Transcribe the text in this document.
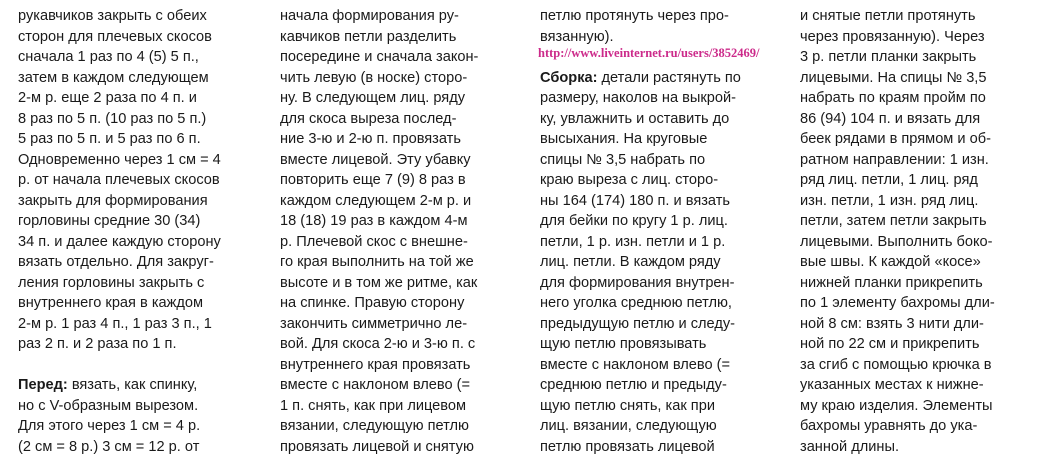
рукавчиков закрыть с обеих
сторон для плечевых скосов
сначала 1 раз по 4 (5) 5 п.,
затем в каждом следующем
2-м р. еще 2 раза по 4 п. и
8 раз по 5 п. (10 раз по 5 п.)
5 раз по 5 п. и 5 раз по 6 п.
Одновременно через 1 см = 4
р. от начала плечевых скосов
закрыть для формирования
горловины средние 30 (34)
34 п. и далее каждую сторону
вязать отдельно. Для закруг-
ления горловины закрыть с
внутреннего края в каждом
2-м р. 1 раз 4 п., 1 раз 3 п., 1
раз 2 п. и 2 раза по 1 п.
Перед: вязать, как спинку,
но с V-образным вырезом.
Для этого через 1 см = 4 р.
(2 см = 8 р.) 3 см = 12 р. от
начала формирования ру-
кавчиков петли разделить
посередине и сначала закон-
чить левую (в носке) сторо-
ну. В следующем лиц. ряду
для скоса выреза послед-
ние 3-ю и 2-ю п. провязать
вместе лицевой. Эту убавку
повторить еще 7 (9) 8 раз в
каждом следующем 2-м р. и
18 (18) 19 раз в каждом 4-м
р. Плечевой скос с внешне-
го края выполнить на той же
высоте и в том же ритме, как
на спинке. Правую сторону
закончить симметрично ле-
вой. Для скоса 2-ю и 3-ю п. с
внутреннего края провязать
вместе с наклоном влево (=
1 п. снять, как при лицевом
вязании, следующую петлю
провязать лицевой и снятую
петлю протянуть через про-
вязанную).
Сборка: детали растянуть по
размеру, наколов на выкрой-
ку, увлажнить и оставить до
высыхания. На круговые
спицы № 3,5 набрать по
краю выреза с лиц. сторо-
ны 164 (174) 180 п. и вязать
для бейки по кругу 1 р. лиц.
петли, 1 р. изн. петли и 1 р.
лиц. петли. В каждом ряду
для формирования внутрен-
него уголка среднюю петлю,
предыдущую петлю и следу-
щую петлю провязывать
вместе с наклоном влево (=
среднюю петлю и предыду-
щую петлю снять, как при
лиц. вязании, следующую
петлю провязать лицевой
и снятые петли протянуть
через провязанную). Через
3 р. петли планки закрыть
лицевыми. На спицы № 3,5
набрать по краям пройм по
86 (94) 104 п. и вязать для
беек рядами в прямом и об-
ратном направлении: 1 изн.
ряд лиц. петли, 1 лиц. ряд
изн. петли, 1 изн. ряд лиц.
петли, затем петли закрыть
лицевыми. Выполнить боко-
вые швы. К каждой «косе»
нижней планки прикрепить
по 1 элементу бахромы дли-
ной 8 см: взять 3 нити дли-
ной по 22 см и прикрепить
за сгиб с помощью крючка в
указанных местах к нижне-
му краю изделия. Элементы
бахромы уравнять до ука-
занной длины.
http://www.liveinternet.ru/users/3852469/
